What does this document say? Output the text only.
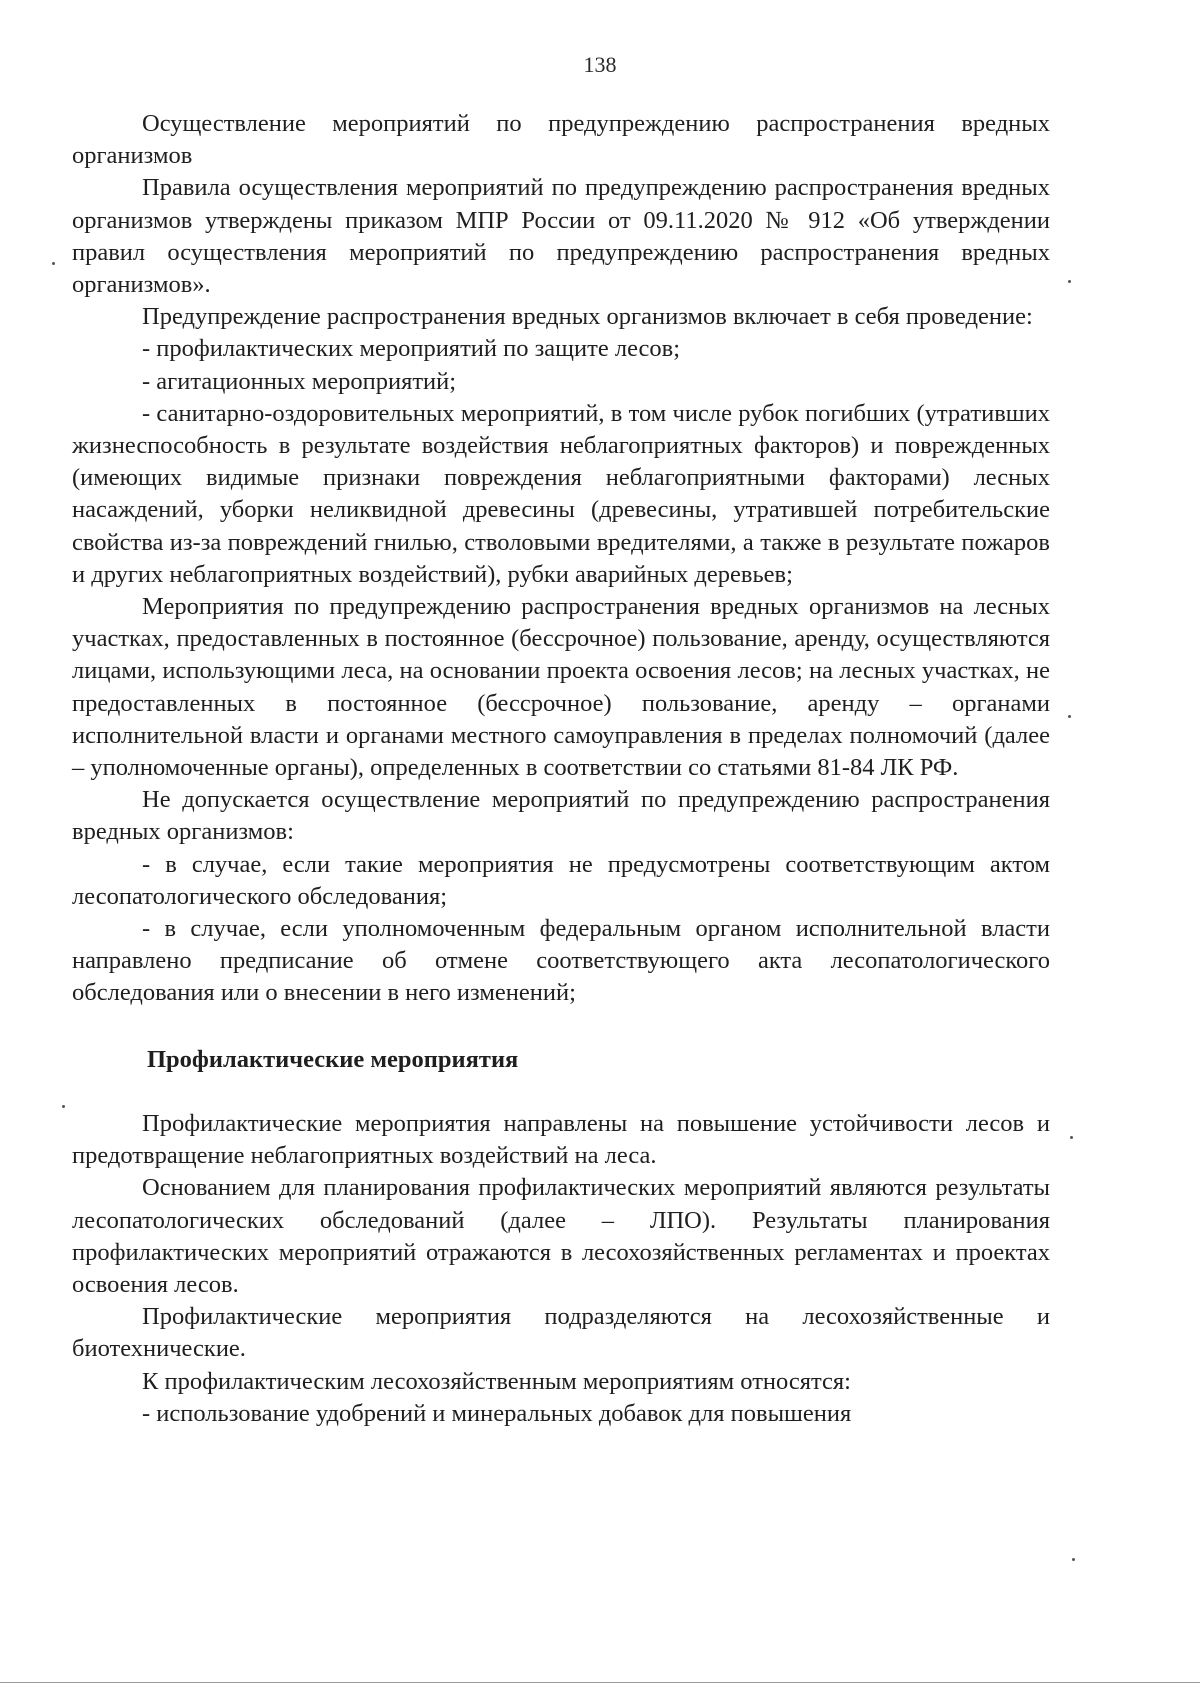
138

Осуществление мероприятий по предупреждению распространения вредных организмов

Правила осуществления мероприятий по предупреждению распространения вредных организмов утверждены приказом МПР России от 09.11.2020 № 912 «Об утверждении правил осуществления мероприятий по предупреждению распространения вредных организмов».

Предупреждение распространения вредных организмов включает в себя проведение:

- профилактических мероприятий по защите лесов;

- агитационных мероприятий;

- санитарно-оздоровительных мероприятий, в том числе рубок погибших (утративших жизнеспособность в результате воздействия неблагоприятных факторов) и поврежденных (имеющих видимые признаки повреждения неблагоприятными факторами) лесных насаждений, уборки неликвидной древесины (древесины, утратившей потребительские свойства из-за повреждений гнилью, стволовыми вредителями, а также в результате пожаров и других неблагоприятных воздействий), рубки аварийных деревьев;

Мероприятия по предупреждению распространения вредных организмов на лесных участках, предоставленных в постоянное (бессрочное) пользование, аренду, осуществляются лицами, использующими леса, на основании проекта освоения лесов; на лесных участках, не предоставленных в постоянное (бессрочное) пользование, аренду – органами исполнительной власти и органами местного самоуправления в пределах полномочий (далее – уполномоченные органы), определенных в соответствии со статьями 81-84 ЛК РФ.

Не допускается осуществление мероприятий по предупреждению распространения вредных организмов:

- в случае, если такие мероприятия не предусмотрены соответствующим актом лесопатологического обследования;

- в случае, если уполномоченным федеральным органом исполнительной власти направлено предписание об отмене соответствующего акта лесопатологического обследования или о внесении в него изменений;

Профилактические мероприятия

Профилактические мероприятия направлены на повышение устойчивости лесов и предотвращение неблагоприятных воздействий на леса.

Основанием для планирования профилактических мероприятий являются результаты лесопатологических обследований (далее – ЛПО). Результаты планирования профилактических мероприятий отражаются в лесохозяйственных регламентах и проектах освоения лесов.

Профилактические мероприятия подразделяются на лесохозяйственные и биотехнические.

К профилактическим лесохозяйственным мероприятиям относятся:

- использование удобрений и минеральных добавок для повышения
